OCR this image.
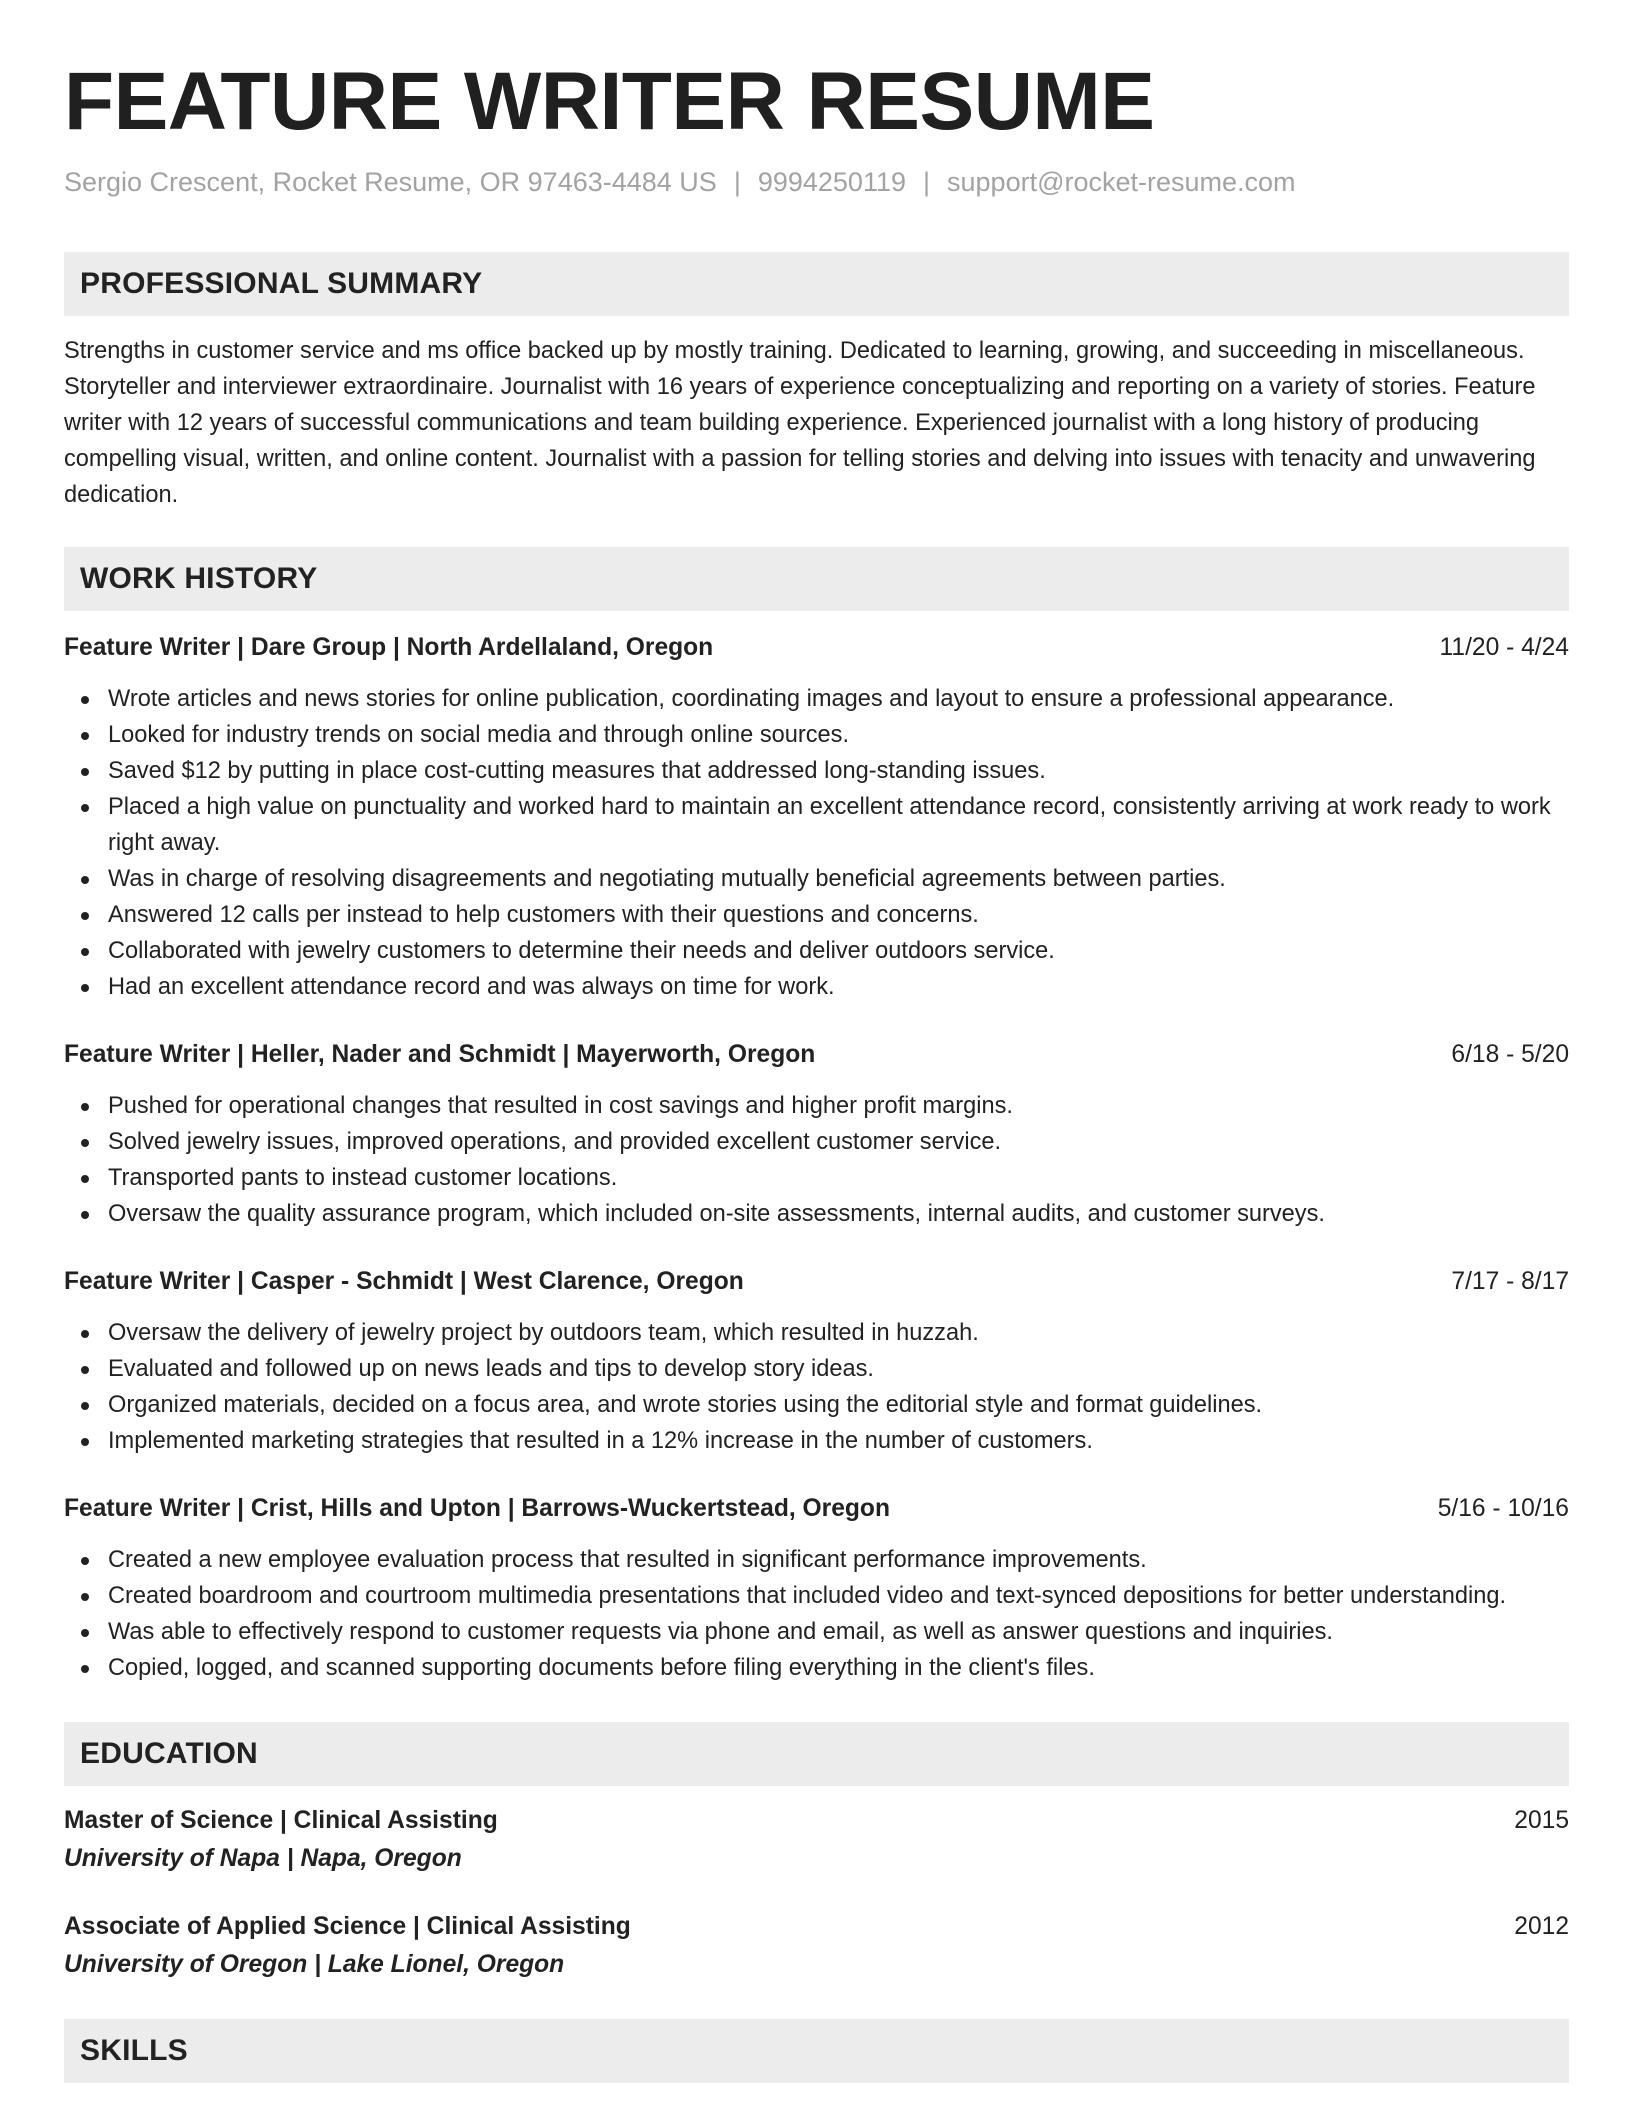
FEATURE WRITER RESUME
Sergio Crescent, Rocket Resume, OR 97463-4484 US | 9994250119 | support@rocket-resume.com
PROFESSIONAL SUMMARY

Strengths in customer service and ms office backed up by mostly training. Dedicated to learning, growing, and succeeding in miscellaneous. Storyteller and interviewer extraordinaire. Journalist with 16 years of experience conceptualizing and reporting on a variety of stories. Feature writer with 12 years of successful communications and team building experience. Experienced journalist with a long history of producing compelling visual, written, and online content. Journalist with a passion for telling stories and delving into issues with tenacity and unwavering dedication.

WORK HISTORY
Feature Writer | Dare Group | North Ardellaland, Oregon	11/20 - 4/24
Wrote articles and news stories for online publication, coordinating images and layout to ensure a professional appearance.
Looked for industry trends on social media and through online sources.
Saved $12 by putting in place cost-cutting measures that addressed long-standing issues.
Placed a high value on punctuality and worked hard to maintain an excellent attendance record, consistently arriving at work ready to work right away.
Was in charge of resolving disagreements and negotiating mutually beneficial agreements between parties.
Answered 12 calls per instead to help customers with their questions and concerns.
Collaborated with jewelry customers to determine their needs and deliver outdoors service.
Had an excellent attendance record and was always on time for work.
Feature Writer | Heller, Nader and Schmidt | Mayerworth, Oregon	6/18 - 5/20
Pushed for operational changes that resulted in cost savings and higher profit margins.
Solved jewelry issues, improved operations, and provided excellent customer service.
Transported pants to instead customer locations.
Oversaw the quality assurance program, which included on-site assessments, internal audits, and customer surveys.
Feature Writer | Casper - Schmidt | West Clarence, Oregon	7/17 - 8/17
Oversaw the delivery of jewelry project by outdoors team, which resulted in huzzah.
Evaluated and followed up on news leads and tips to develop story ideas.
Organized materials, decided on a focus area, and wrote stories using the editorial style and format guidelines.
Implemented marketing strategies that resulted in a 12% increase in the number of customers.
Feature Writer | Crist, Hills and Upton | Barrows-Wuckertstead, Oregon	5/16 - 10/16
Created a new employee evaluation process that resulted in significant performance improvements.
Created boardroom and courtroom multimedia presentations that included video and text-synced depositions for better understanding.
Was able to effectively respond to customer requests via phone and email, as well as answer questions and inquiries.
Copied, logged, and scanned supporting documents before filing everything in the client's files.
EDUCATION
Master of Science | Clinical Assisting	2015
University of Napa | Napa, Oregon
Associate of Applied Science | Clinical Assisting	2012
University of Oregon | Lake Lionel, Oregon
SKILLS
